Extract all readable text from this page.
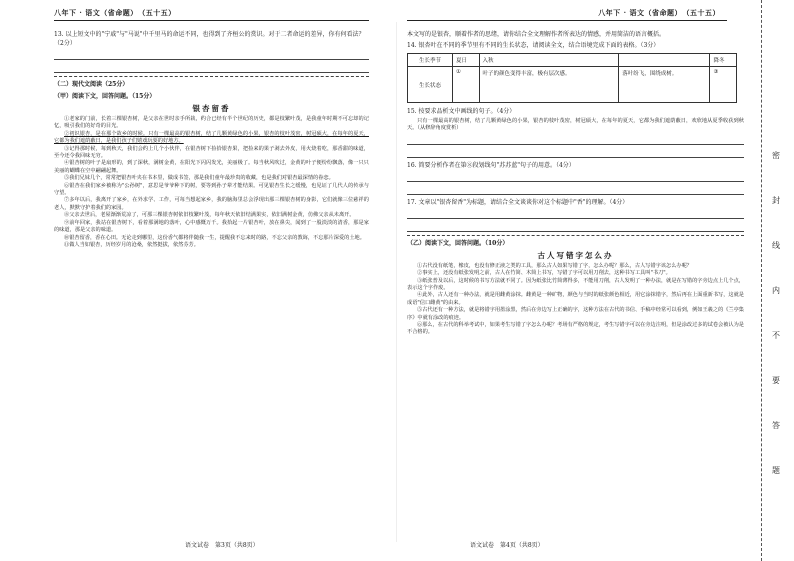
八年下 · 语文（省命题）　（五十五）

13. 以上短文中的"宁戚"与"马说"中千里马的命运不同，也得到了齐桓公的赏识。对于二者命运的差异，你有何看法？（2分）

（二）现代文阅读（25分）
（甲）阅读下文，回答问题。（15分）
银杏留香

①老家的门前，长着三棵银杏树，是父亲在世时亲手所栽，约合已经有半个世纪的历史，都是枝繁叶茂，是我童年时期不可忘却的记忆，吸引我们的好奇的目光。

②初识银杏，是在那个故乡的时候。只有一棵最高的银杏树，结了几颗黄绿色的小果，银杏的枝叶茂密，树冠硕大，在每年的夏天，它都为我们遮荫蔽日，是我们孩子们嬉戏玩耍的好地方。

③记得那时候，每到秋天，我们会约上几个小伙伴，在银杏树下捡拾银杏果，把捡来的果子剥去外皮，用火烧着吃，那香甜的味道，至今还令我回味无穷。

④银杏树的叶子是扇形的，到了深秋，满树金黄，在阳光下闪闪发光，美丽极了。每当秋风吹过，金黄的叶子便纷纷飘落，像一只只美丽的蝴蝶在空中翩翩起舞。

⑤我们兄妹几个，常常把银杏叶夹在书本里，做成书签，那是我们童年最珍贵的收藏，也是我们对银杏最深情的眷恋。

⑥银杏在我们家乡被称为"公孙树"，意思是爷爷种下的树，要等到孙子辈才能结果。可见银杏生长之缓慢，也见证了几代人的传承与守望。

⑦多年以后，我离开了家乡，在外求学、工作，可每当想起家乡，我的脑海里总会浮现出那三棵银杏树的身影，它们就像三位慈祥的老人，默默守护着我们的家园。

⑧父亲去世后，老屋渐渐荒凉了，可那三棵银杏树依旧枝繁叶茂，每年秋天依旧结满果实，依旧满树金黄，仿佛父亲从未离开。

⑨前年回家，我站在银杏树下，看着那满地的落叶，心中感慨万千。我拾起一片银杏叶，放在鼻尖，闻到了一股淡淡的清香，那是家的味道，那是父亲的味道。

⑩银杏留香，香在心田。无论走到哪里，这份香气都将伴随我一生，提醒我不忘来时的路，不忘父亲的教诲，不忘那片深爱的土地。

⑪做人当如银杏，历经岁月的沧桑，依然挺拔，依然芬芳。

语文试卷　第3页（共8页）
八年下 · 语文（省命题）　（五十五）

本文写的是银杏，顺着作者的思绪，请你结合全文理解作者所表达的情感，并用简洁的语言概括。

14. 银杏叶在不同的季节里有不同的生长状态，请阅读全文，结合语境完成下面的表格。（3分）

生长季节	夏日	入秋		降冬
生长状态	①	叶子的颜色变得丰富，极有层次感。	落叶纷飞，围绕成树。	③

15. 按要求品析文中画线的句子。（4分）

只有一棵最高的银杏树，结了几颗黄绿色的小果，银杏的枝叶茂密，树冠硕大，在每年的夏天，它都为我们遮荫蔽日，欢欣地从夏季收获到秋天。（从修辞角度赏析）

16. 简要分析作者在第⑧段划线句"苏苏蓝"句子的用意。（4分）

17. 文章以"银杏留香"为标题，请结合全文谈谈你对这个标题中"香"的理解。（4分）

（乙）阅读下文，回答问题。（10分）
古人写错字怎么办

①古代没有纸笔，橡皮，也没有修正液之类的工具，那么古人如果写错了字，怎么办呢？那么，古人写错字该怎么办呢？

②事实上，还没有纸张发明之前，古人在竹简、木简上书写，写错了字可以用刀削去，这种书写工具叫"书刀"。

③纸张普及以后，这时候的书写方法就不同了。因为纸张比竹简薄得多，不能用刀削，古人发明了一种办法，就是在写错的字旁边点上几个点，表示这个字作废。

④此外，古人还有一种办法，就是用雌黄涂抹。雌黄是一种矿物，颜色与当时的纸张颜色相近，用它涂抹错字，然后再在上面重新书写，这就是成语"信口雌黄"的由来。

⑤古代还有一种方法，就是将错字用墨涂黑，然后在旁边写上正确的字，这种方法在古代的书信、手稿中经常可以看到，例如王羲之的《兰亭集序》中就有涂改的痕迹。

⑥那么，在古代的科举考试中，如果考生写错了字怎么办呢？考场有严格的规定，考生写错字可以在旁边注明，但是涂改过多的试卷会被认为是不合格的。

语文试卷　第4页（共8页）
密
封
线
内
不
要
答
题
